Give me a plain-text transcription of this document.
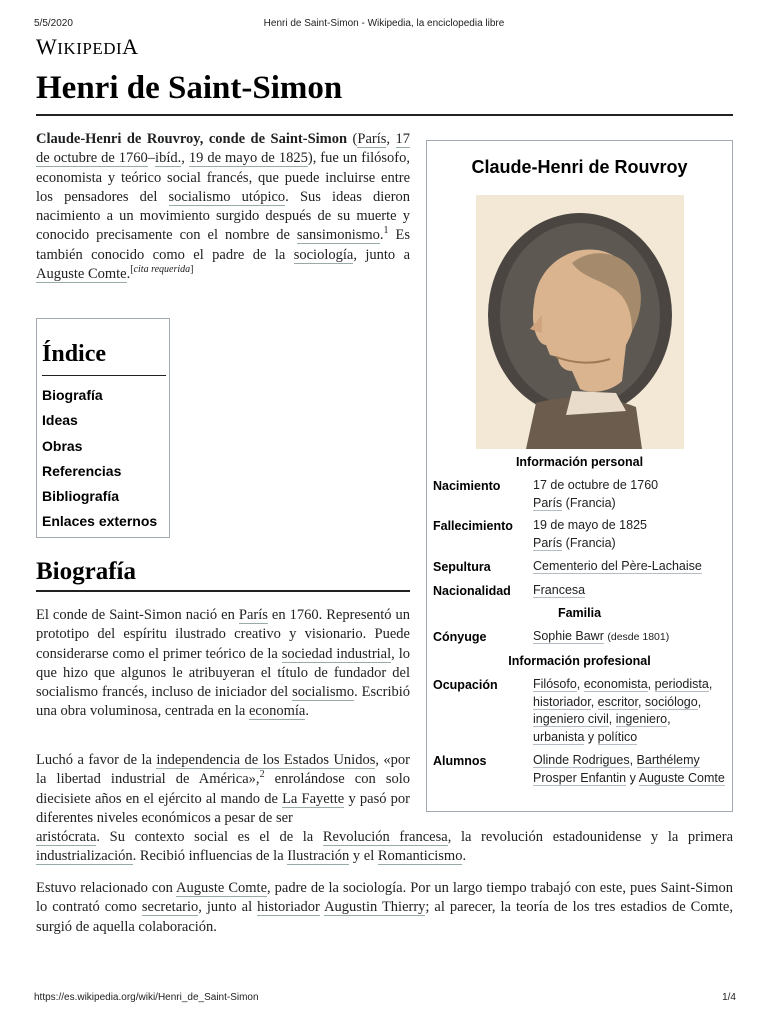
5/5/2020	Henri de Saint-Simon - Wikipedia, la enciclopedia libre
WIKIPEDIA
Henri de Saint-Simon
Claude-Henri de Rouvroy, conde de Saint-Simon (París, 17 de octubre de 1760–ibíd., 19 de mayo de 1825), fue un filósofo, economista y teórico social francés, que puede incluirse entre los pensadores del socialismo utópico. Sus ideas dieron nacimiento a un movimiento surgido después de su muerte y conocido precisamente con el nombre de sansimonismo.$^1$ Es también conocido como el padre de la sociología, junto a Auguste Comte.[cita requerida]
Índice
Biografía
Ideas
Obras
Referencias
Bibliografía
Enlaces externos
Biografía
El conde de Saint-Simon nació en París en 1760. Representó un prototipo del espíritu ilustrado creativo y visionario. Puede considerarse como el primer teórico de la sociedad industrial, lo que hizo que algunos le atribuyeran el título de fundador del socialismo francés, incluso de iniciador del socialismo. Escribió una obra voluminosa, centrada en la economía.
Luchó a favor de la independencia de los Estados Unidos, «por la libertad industrial de América»,$^2$ enrolándose con solo diecisiete años en el ejército al mando de La Fayette y pasó por diferentes niveles económicos a pesar de ser
aristócrata. Su contexto social es el de la Revolución francesa, la revolución estadounidense y la primera industrialización. Recibió influencias de la Ilustración y el Romanticismo.
Estuvo relacionado con Auguste Comte, padre de la sociología. Por un largo tiempo trabajó con este, pues Saint-Simon lo contrató como secretario, junto al historiador Augustin Thierry; al parecer, la teoría de los tres estadios de Comte, surgió de aquella colaboración.
Claude-Henri de Rouvroy
Información personal
Nacimiento	17 de octubre de 1760
París (Francia)
Fallecimiento 19 de mayo de 1825
París (Francia)
Sepultura	Cementerio del Père-Lachaise
Nacionalidad Francesa
Familia
Cónyuge	Sophie Bawr (desde 1801)
Información profesional
Ocupación	Filósofo, economista, periodista, historiador, escritor, sociólogo, ingeniero civil, ingeniero, urbanista y político
Alumnos	Olinde Rodrigues, Barthélemy Prosper Enfantin y Auguste Comte
https://es.wikipedia.org/wiki/Henri_de_Saint-Simon	1/4
